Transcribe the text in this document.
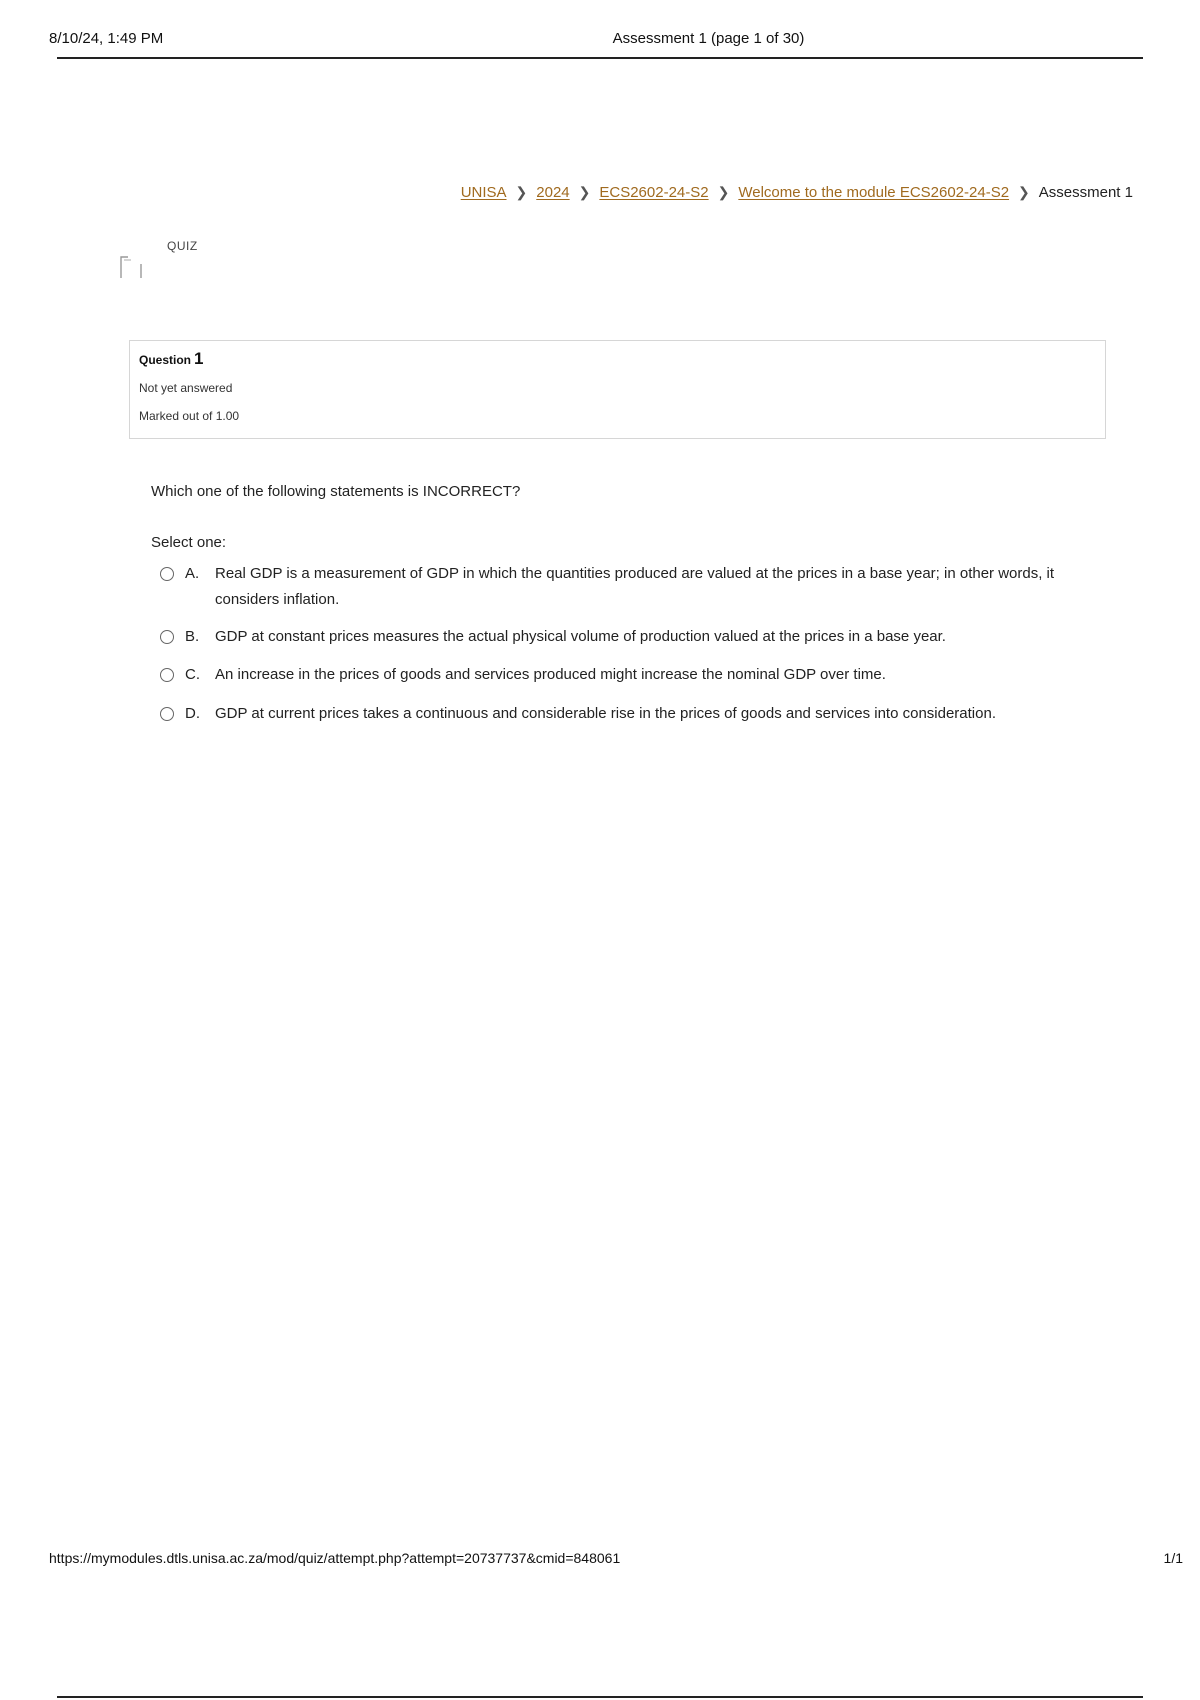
8/10/24, 1:49 PM	Assessment 1 (page 1 of 30)
UNISA ❯ 2024 ❯ ECS2602-24-S2 ❯ Welcome to the module ECS2602-24-S2 ❯ Assessment 1
QUIZ
Question 1
Not yet answered
Marked out of 1.00
Which one of the following statements is INCORRECT?
Select one:
A. Real GDP is a measurement of GDP in which the quantities produced are valued at the prices in a base year; in other words, it considers inflation.
B. GDP at constant prices measures the actual physical volume of production valued at the prices in a base year.
C. An increase in the prices of goods and services produced might increase the nominal GDP over time.
D. GDP at current prices takes a continuous and considerable rise in the prices of goods and services into consideration.
https://mymodules.dtls.unisa.ac.za/mod/quiz/attempt.php?attempt=20737737&cmid=848061	1/1
